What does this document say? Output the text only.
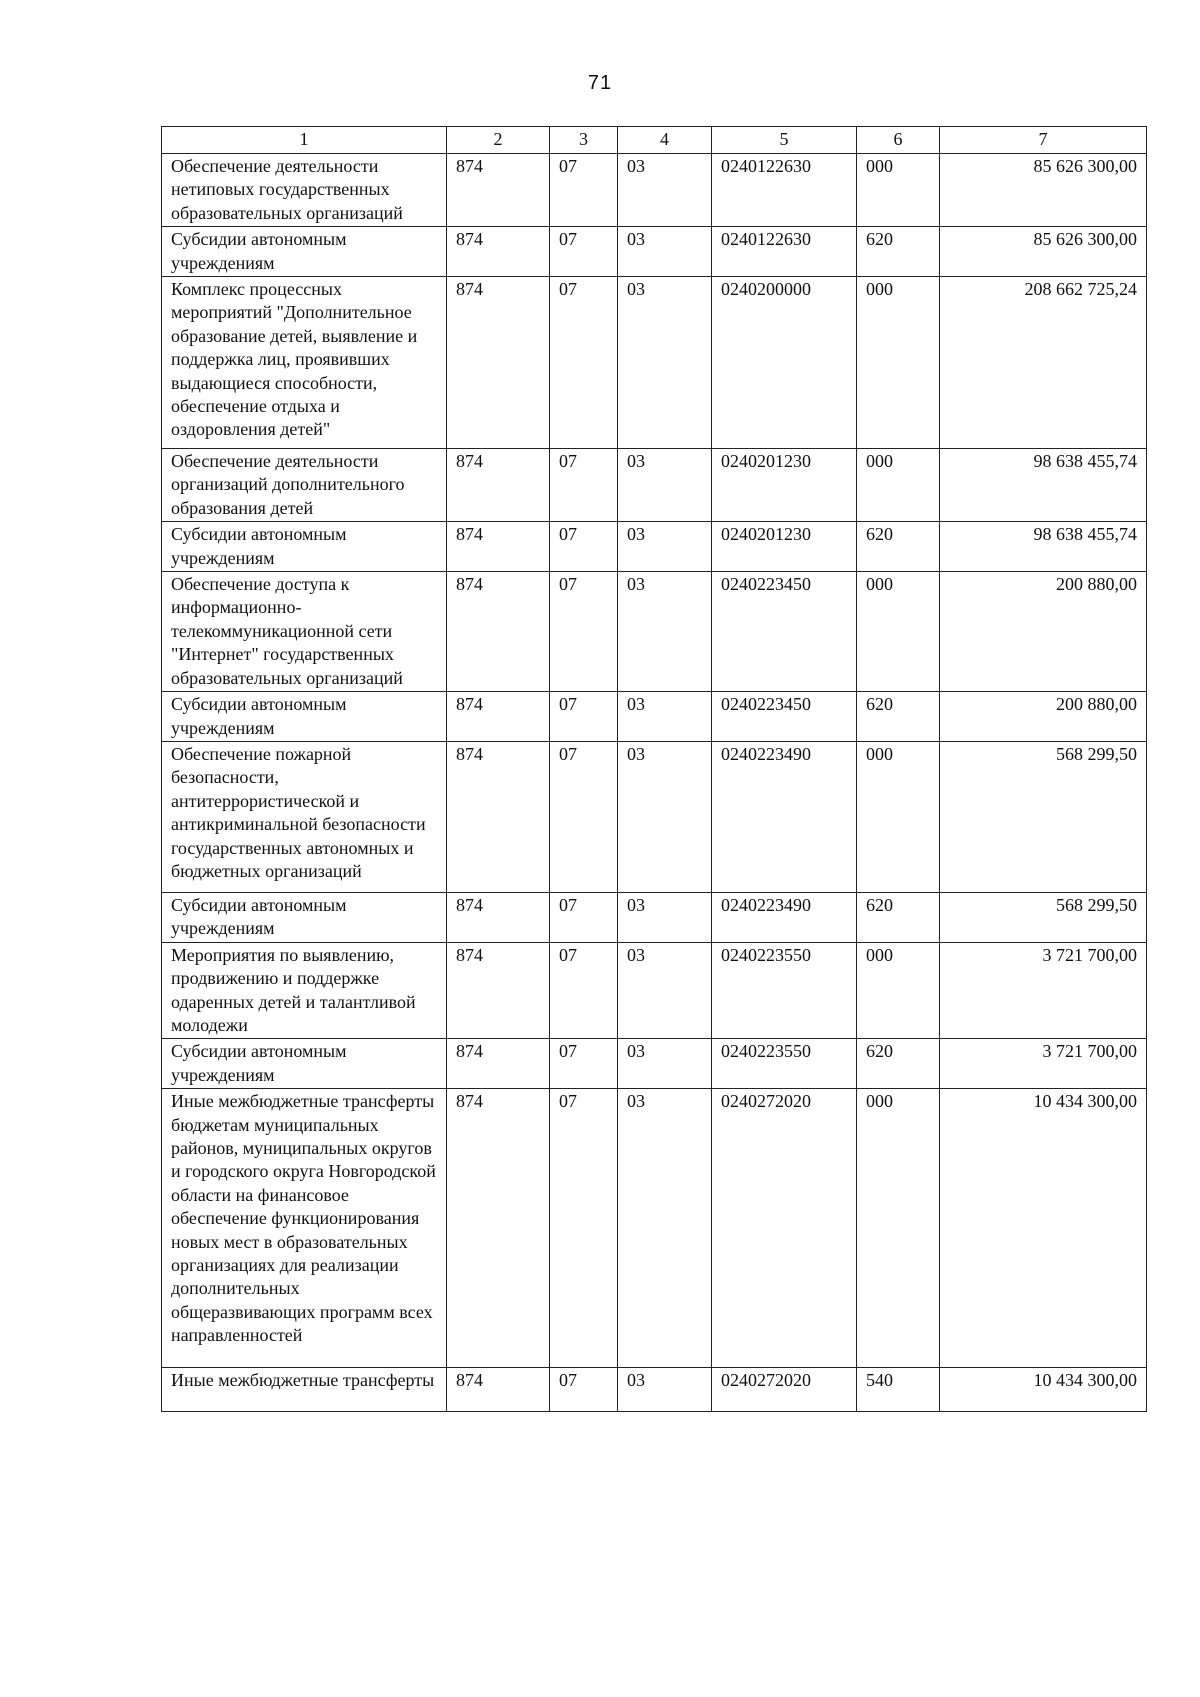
71
1	2	3	4	5	6	7
Обеспечение деятельности нетиповых государственных образовательных организаций	874	07	03	0240122630	000	85 626 300,00
Субсидии автономным учреждениям	874	07	03	0240122630	620	85 626 300,00
Комплекс процессных мероприятий "Дополнительное образование детей, выявление и поддержка лиц, проявивших выдающиеся способности, обеспечение отдыха и оздоровления детей"	874	07	03	0240200000	000	208 662 725,24
Обеспечение деятельности организаций дополнительного образования детей	874	07	03	0240201230	000	98 638 455,74
Субсидии автономным учреждениям	874	07	03	0240201230	620	98 638 455,74
Обеспечение доступа к информационно-телекоммуникационной сети "Интернет" государственных образовательных организаций	874	07	03	0240223450	000	200 880,00
Субсидии автономным учреждениям	874	07	03	0240223450	620	200 880,00
Обеспечение пожарной безопасности, антитеррористической и антикриминальной безопасности государственных автономных и бюджетных организаций	874	07	03	0240223490	000	568 299,50
Субсидии автономным учреждениям	874	07	03	0240223490	620	568 299,50
Мероприятия по выявлению, продвижению и поддержке одаренных детей и талантливой молодежи	874	07	03	0240223550	000	3 721 700,00
Субсидии автономным учреждениям	874	07	03	0240223550	620	3 721 700,00
Иные межбюджетные трансферты бюджетам муниципальных районов, муниципальных округов и городского округа Новгородской области на финансовое обеспечение функционирования новых мест в образовательных организациях для реализации дополнительных общеразвивающих программ всех направленностей	874	07	03	0240272020	000	10 434 300,00
Иные межбюджетные трансферты	874	07	03	0240272020	540	10 434 300,00
